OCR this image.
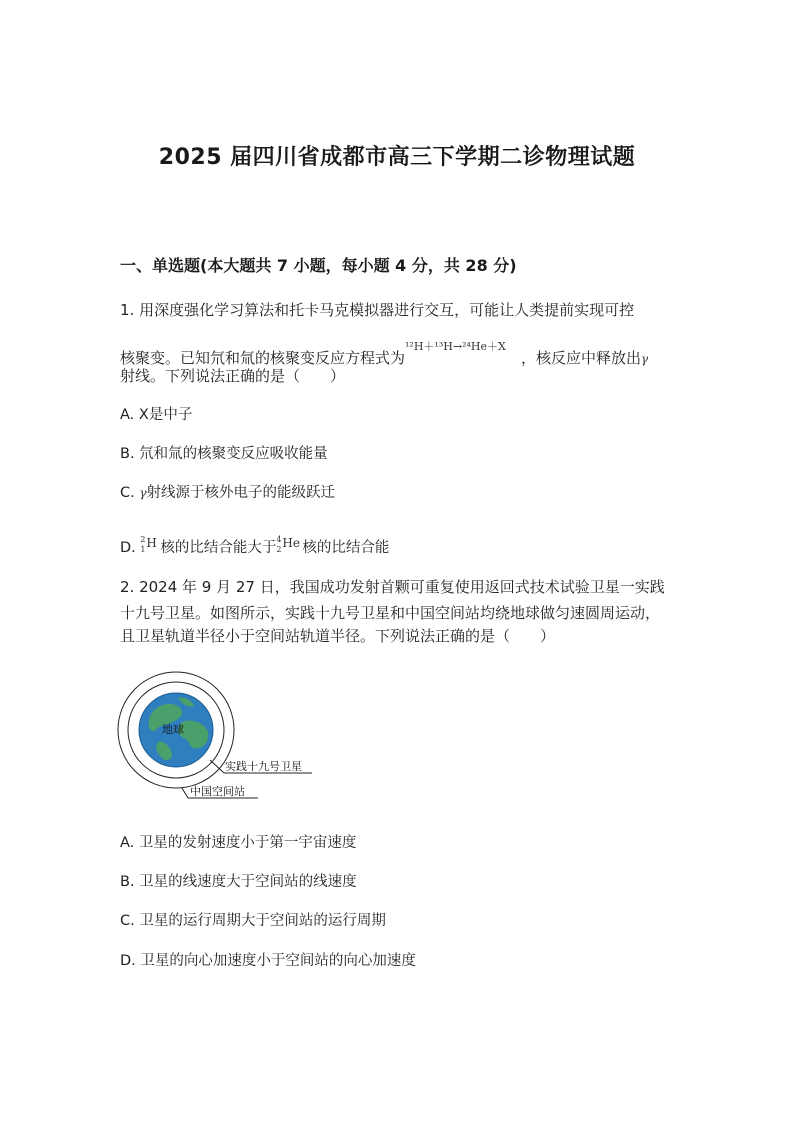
2025 届四川省成都市高三下学期二诊物理试题
一、单选题(本大题共 7 小题，每小题 4 分，共 28 分)
1. 用深度强化学习算法和托卡马克模拟器进行交互，可能让人类提前实现可控
核聚变。已知氘和氚的核聚变反应方程式为
¹²H＋¹³H→²⁴He＋X
，核反应中释放出γ
射线。下列说法正确的是（　　）
A. X是中子
B. 氘和氚的核聚变反应吸收能量
C. γ射线源于核外电子的能级跃迁
D.
2
1 H 核的比结合能大于
4
2 He 核的比结合能
2. 2024 年 9 月 27 日，我国成功发射首颗可重复使用返回式技术试验卫星一实践
十九号卫星。如图所示，实践十九号卫星和中国空间站均绕地球做匀速圆周运动，
且卫星轨道半径小于空间站轨道半径。下列说法正确的是（　　）
地球
实践十九号卫星
中国空间站
A. 卫星的发射速度小于第一宇宙速度
B. 卫星的线速度大于空间站的线速度
C. 卫星的运行周期大于空间站的运行周期
D. 卫星的向心加速度小于空间站的向心加速度
